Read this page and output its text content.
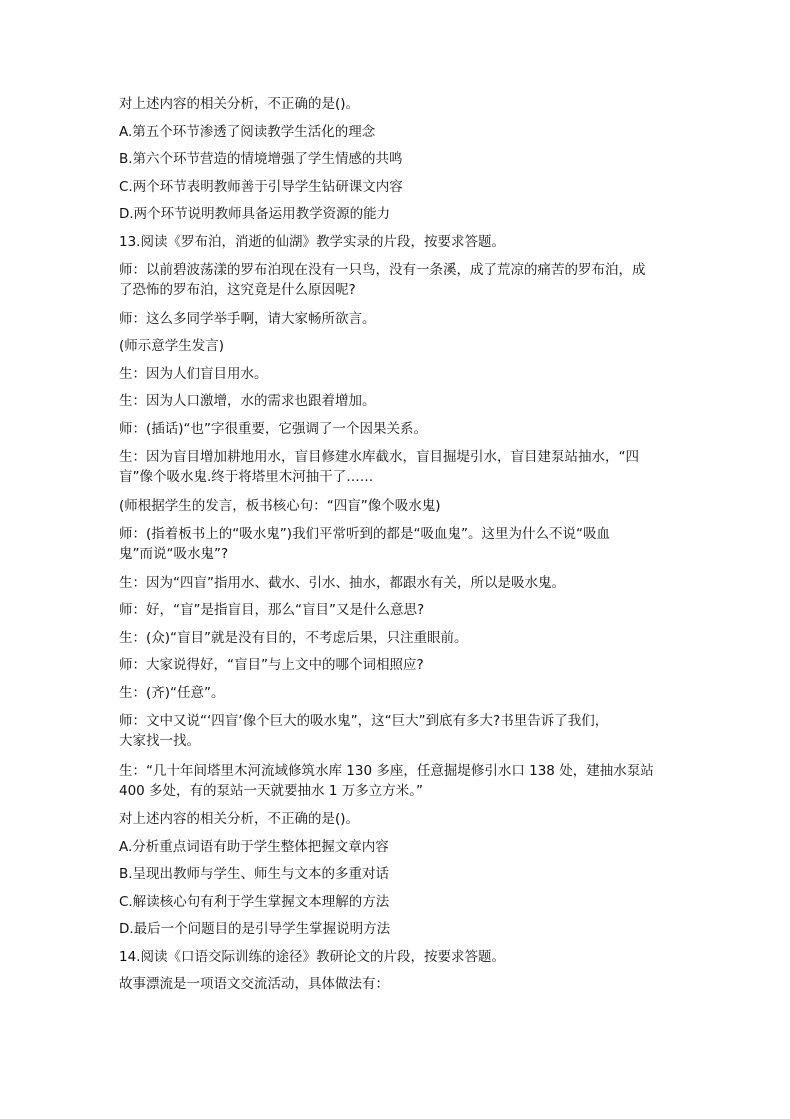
对上述内容的相关分析，不正确的是()。

A.第五个环节渗透了阅读教学生活化的理念

B.第六个环节营造的情境增强了学生情感的共鸣

C.两个环节表明教师善于引导学生钻研课文内容

D.两个环节说明教师具备运用教学资源的能力

13.阅读《罗布泊，消逝的仙湖》教学实录的片段，按要求答题。

师：以前碧波荡漾的罗布泊现在没有一只鸟，没有一条溪，成了荒凉的痛苦的罗布泊，成
了恐怖的罗布泊，这究竟是什么原因呢?

师：这么多同学举手啊，请大家畅所欲言。

(师示意学生发言)

生：因为人们盲目用水。

生：因为人口激增，水的需求也跟着增加。

师：(插话)“也”字很重要，它强调了一个因果关系。

生：因为盲目增加耕地用水，盲目修建水库截水，盲目掘堤引水，盲目建泵站抽水，“四
盲”像个吸水鬼.终于将塔里木河抽干了……

(师根据学生的发言，板书核心句：“四盲”像个吸水鬼)

师：(指着板书上的“吸水鬼”)我们平常听到的都是“吸血鬼”。这里为什么不说“吸血
鬼”而说“吸水鬼”?

生：因为“四盲”指用水、截水、引水、抽水，都跟水有关，所以是吸水鬼。

师：好，“盲”是指盲目，那么“盲目”又是什么意思?

生：(众)“盲目”就是没有目的，不考虑后果，只注重眼前。

师：大家说得好，“盲目”与上文中的哪个词相照应?

生：(齐)“任意”。

师：文中又说“‘四盲’像个巨大的吸水鬼”，这“巨大”到底有多大?书里告诉了我们，
大家找一找。

生：“几十年间塔里木河流域修筑水库 130 多座，任意掘堤修引水口 138 处，建抽水泵站
400 多处，有的泵站一天就要抽水 1 万多立方米。”

对上述内容的相关分析，不正确的是()。

A.分析重点词语有助于学生整体把握文章内容

B.呈现出教师与学生、师生与文本的多重对话

C.解读核心句有利于学生掌握文本理解的方法

D.最后一个问题目的是引导学生掌握说明方法

14.阅读《口语交际训练的途径》教研论文的片段，按要求答题。

故事漂流是一项语文交流活动，具体做法有：
